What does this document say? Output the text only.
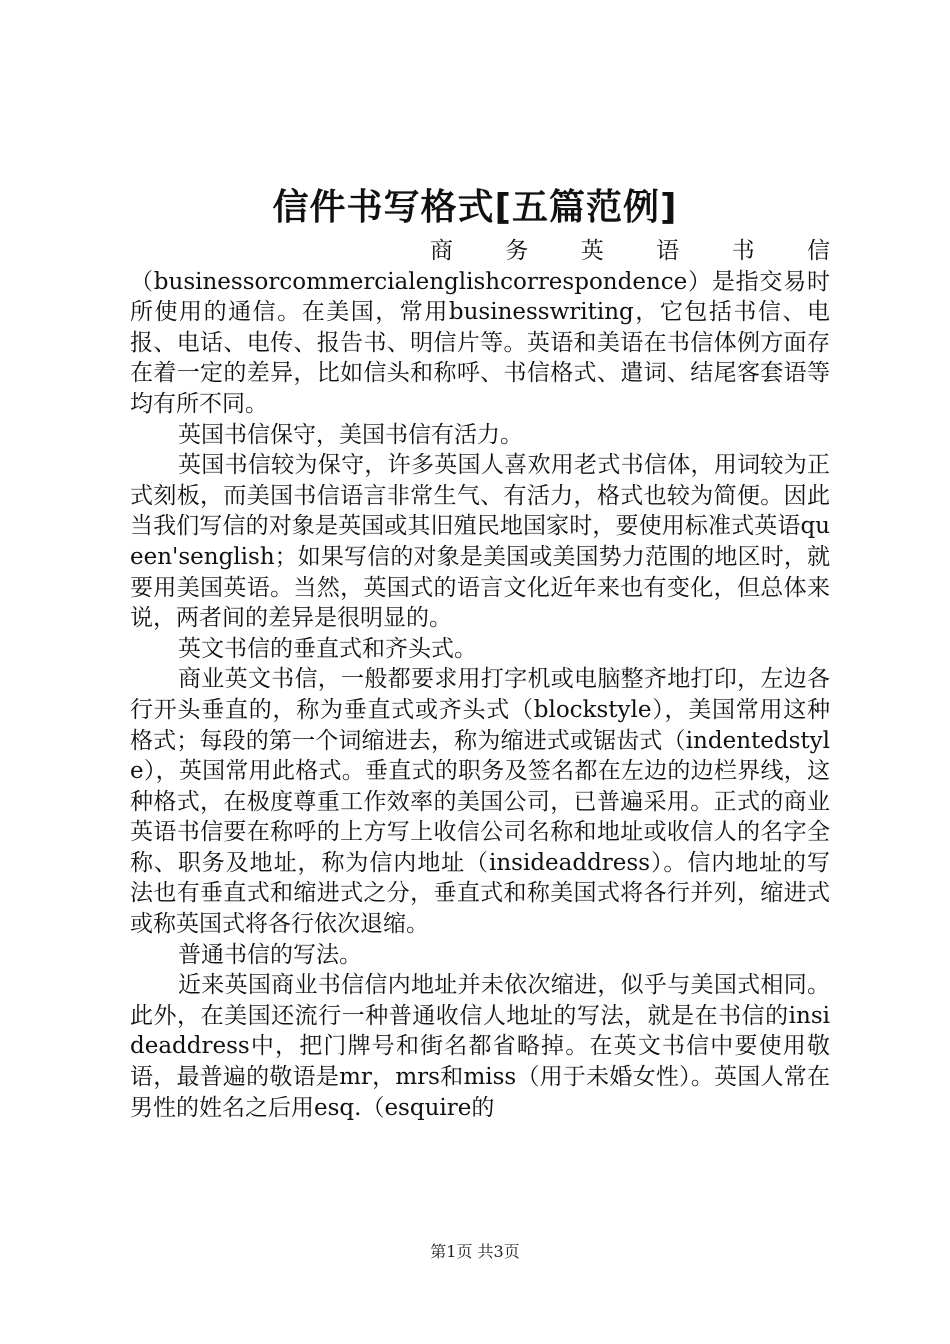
信件书写格式[五篇范例]
商 务 英 语 书 信

（businessorcommercialenglishcorrespondence）是指交易时所使用的通信。在美国，常用businesswriting，它包括书信、电报、电话、电传、报告书、明信片等。英语和美语在书信体例方面存在着一定的差异，比如信头和称呼、书信格式、遣词、结尾客套语等均有所不同。

英国书信保守，美国书信有活力。

英国书信较为保守，许多英国人喜欢用老式书信体，用词较为正式刻板，而美国书信语言非常生气、有活力，格式也较为简便。因此当我们写信的对象是英国或其旧殖民地国家时，要使用标准式英语queen'senglish；如果写信的对象是美国或美国势力范围的地区时，就要用美国英语。当然，英国式的语言文化近年来也有变化，但总体来说，两者间的差异是很明显的。

英文书信的垂直式和齐头式。

商业英文书信，一般都要求用打字机或电脑整齐地打印，左边各行开头垂直的，称为垂直式或齐头式（blockstyle），美国常用这种格式；每段的第一个词缩进去，称为缩进式或锯齿式（indentedstyle），英国常用此格式。垂直式的职务及签名都在左边的边栏界线，这种格式，在极度尊重工作效率的美国公司，已普遍采用。正式的商业英语书信要在称呼的上方写上收信公司名称和地址或收信人的名字全称、职务及地址，称为信内地址（insideaddress）。信内地址的写法也有垂直式和缩进式之分，垂直式和称美国式将各行并列，缩进式或称英国式将各行依次退缩。

普通书信的写法。

近来英国商业书信信内地址并未依次缩进，似乎与美国式相同。此外，在美国还流行一种普通收信人地址的写法，就是在书信的insideaddress中，把门牌号和街名都省略掉。在英文书信中要使用敬语，最普遍的敬语是mr，mrs和miss（用于未婚女性）。英国人常在男性的姓名之后用esq.（esquire的

第1页 共3页
